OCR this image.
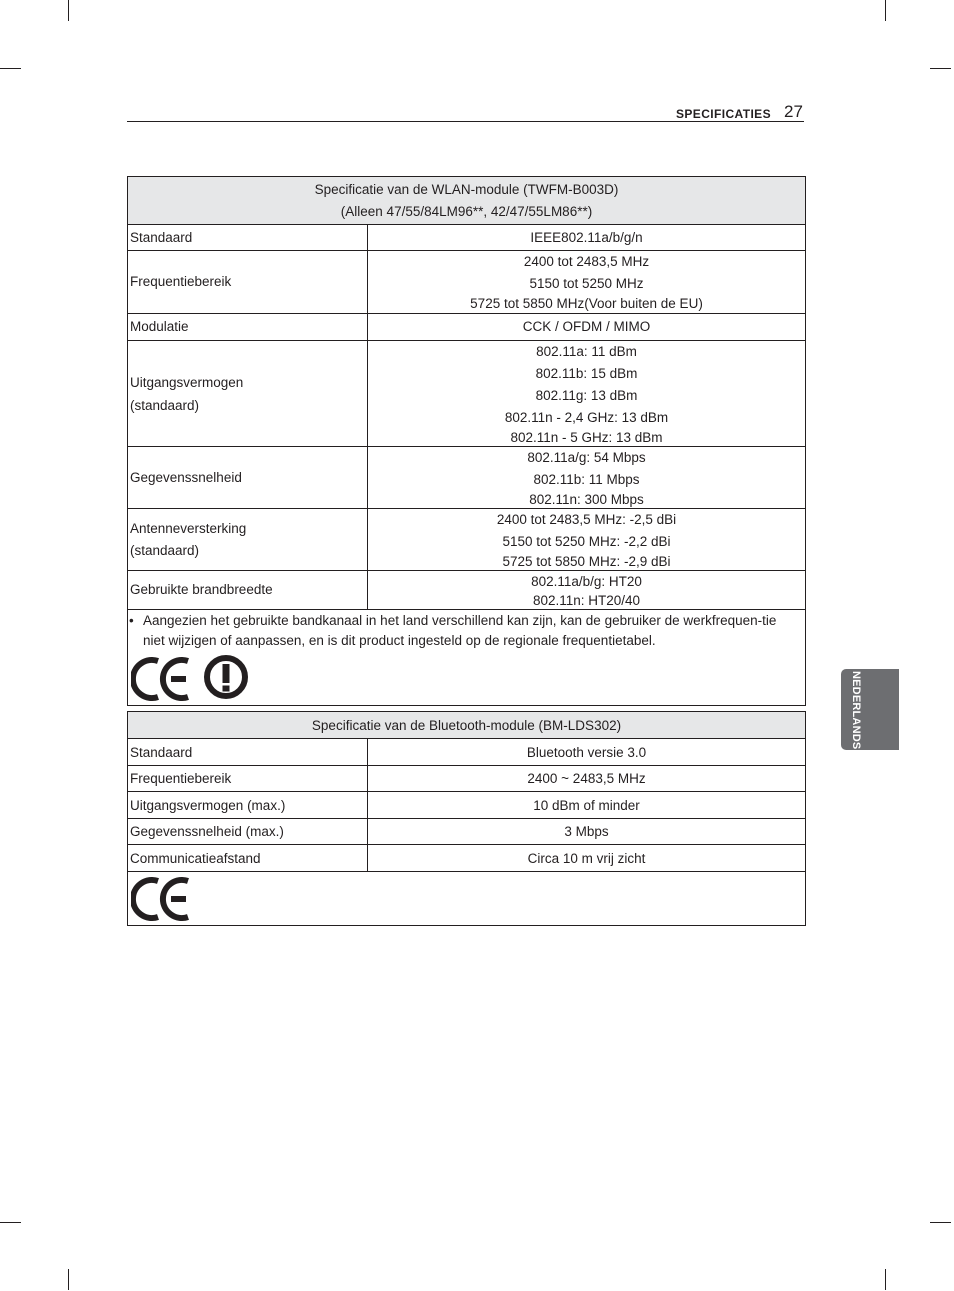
SPECIFICATIES 27
NEDERLANDS
Specificatie van de WLAN-module (TWFM-B003D)
(Alleen 47/55/84LM96**, 42/47/55LM86**)	

Standaard	IEEE802.11a/b/g/n

Frequentiebereik	2400 tot 2483,5 MHz
5150 tot 5250 MHz
5725 tot 5850 MHz(Voor buiten de EU)

Modulatie	CCK / OFDM / MIMO

Uitgangsvermogen
(standaard)	802.11a: 11 dBm
802.11b: 15 dBm
802.11g: 13 dBm
802.11n - 2,4 GHz: 13 dBm
802.11n - 5 GHz: 13 dBm

Gegevenssnelheid	802.11a/g: 54 Mbps
802.11b: 11 Mbps
802.11n: 300 Mbps

Antenneversterking
(standaard)	2400 tot 2483,5 MHz: -2,5 dBi
5150 tot 5250 MHz: -2,2 dBi
5725 tot 5850 MHz: -2,9 dBi

Gebruikte brandbreedte	802.11a/b/g: HT20
802.11n: HT20/40

• Aangezien het gebruikte bandkanaal in het land verschillend kan zijn, kan de gebruiker de werkfrequen-tie niet wijzigen of aanpassen, en is dit product ingesteld op de regionale frequentietabel.	

Specificatie van de Bluetooth-module (BM-LDS302)	
Standaard	Bluetooth versie 3.0
Frequentiebereik	2400 ~ 2483,5 MHz
Uitgangsvermogen (max.)	10 dBm of minder
Gegevenssnelheid (max.)	3 Mbps
Communicatieafstand	Circa 10 m vrij zicht
